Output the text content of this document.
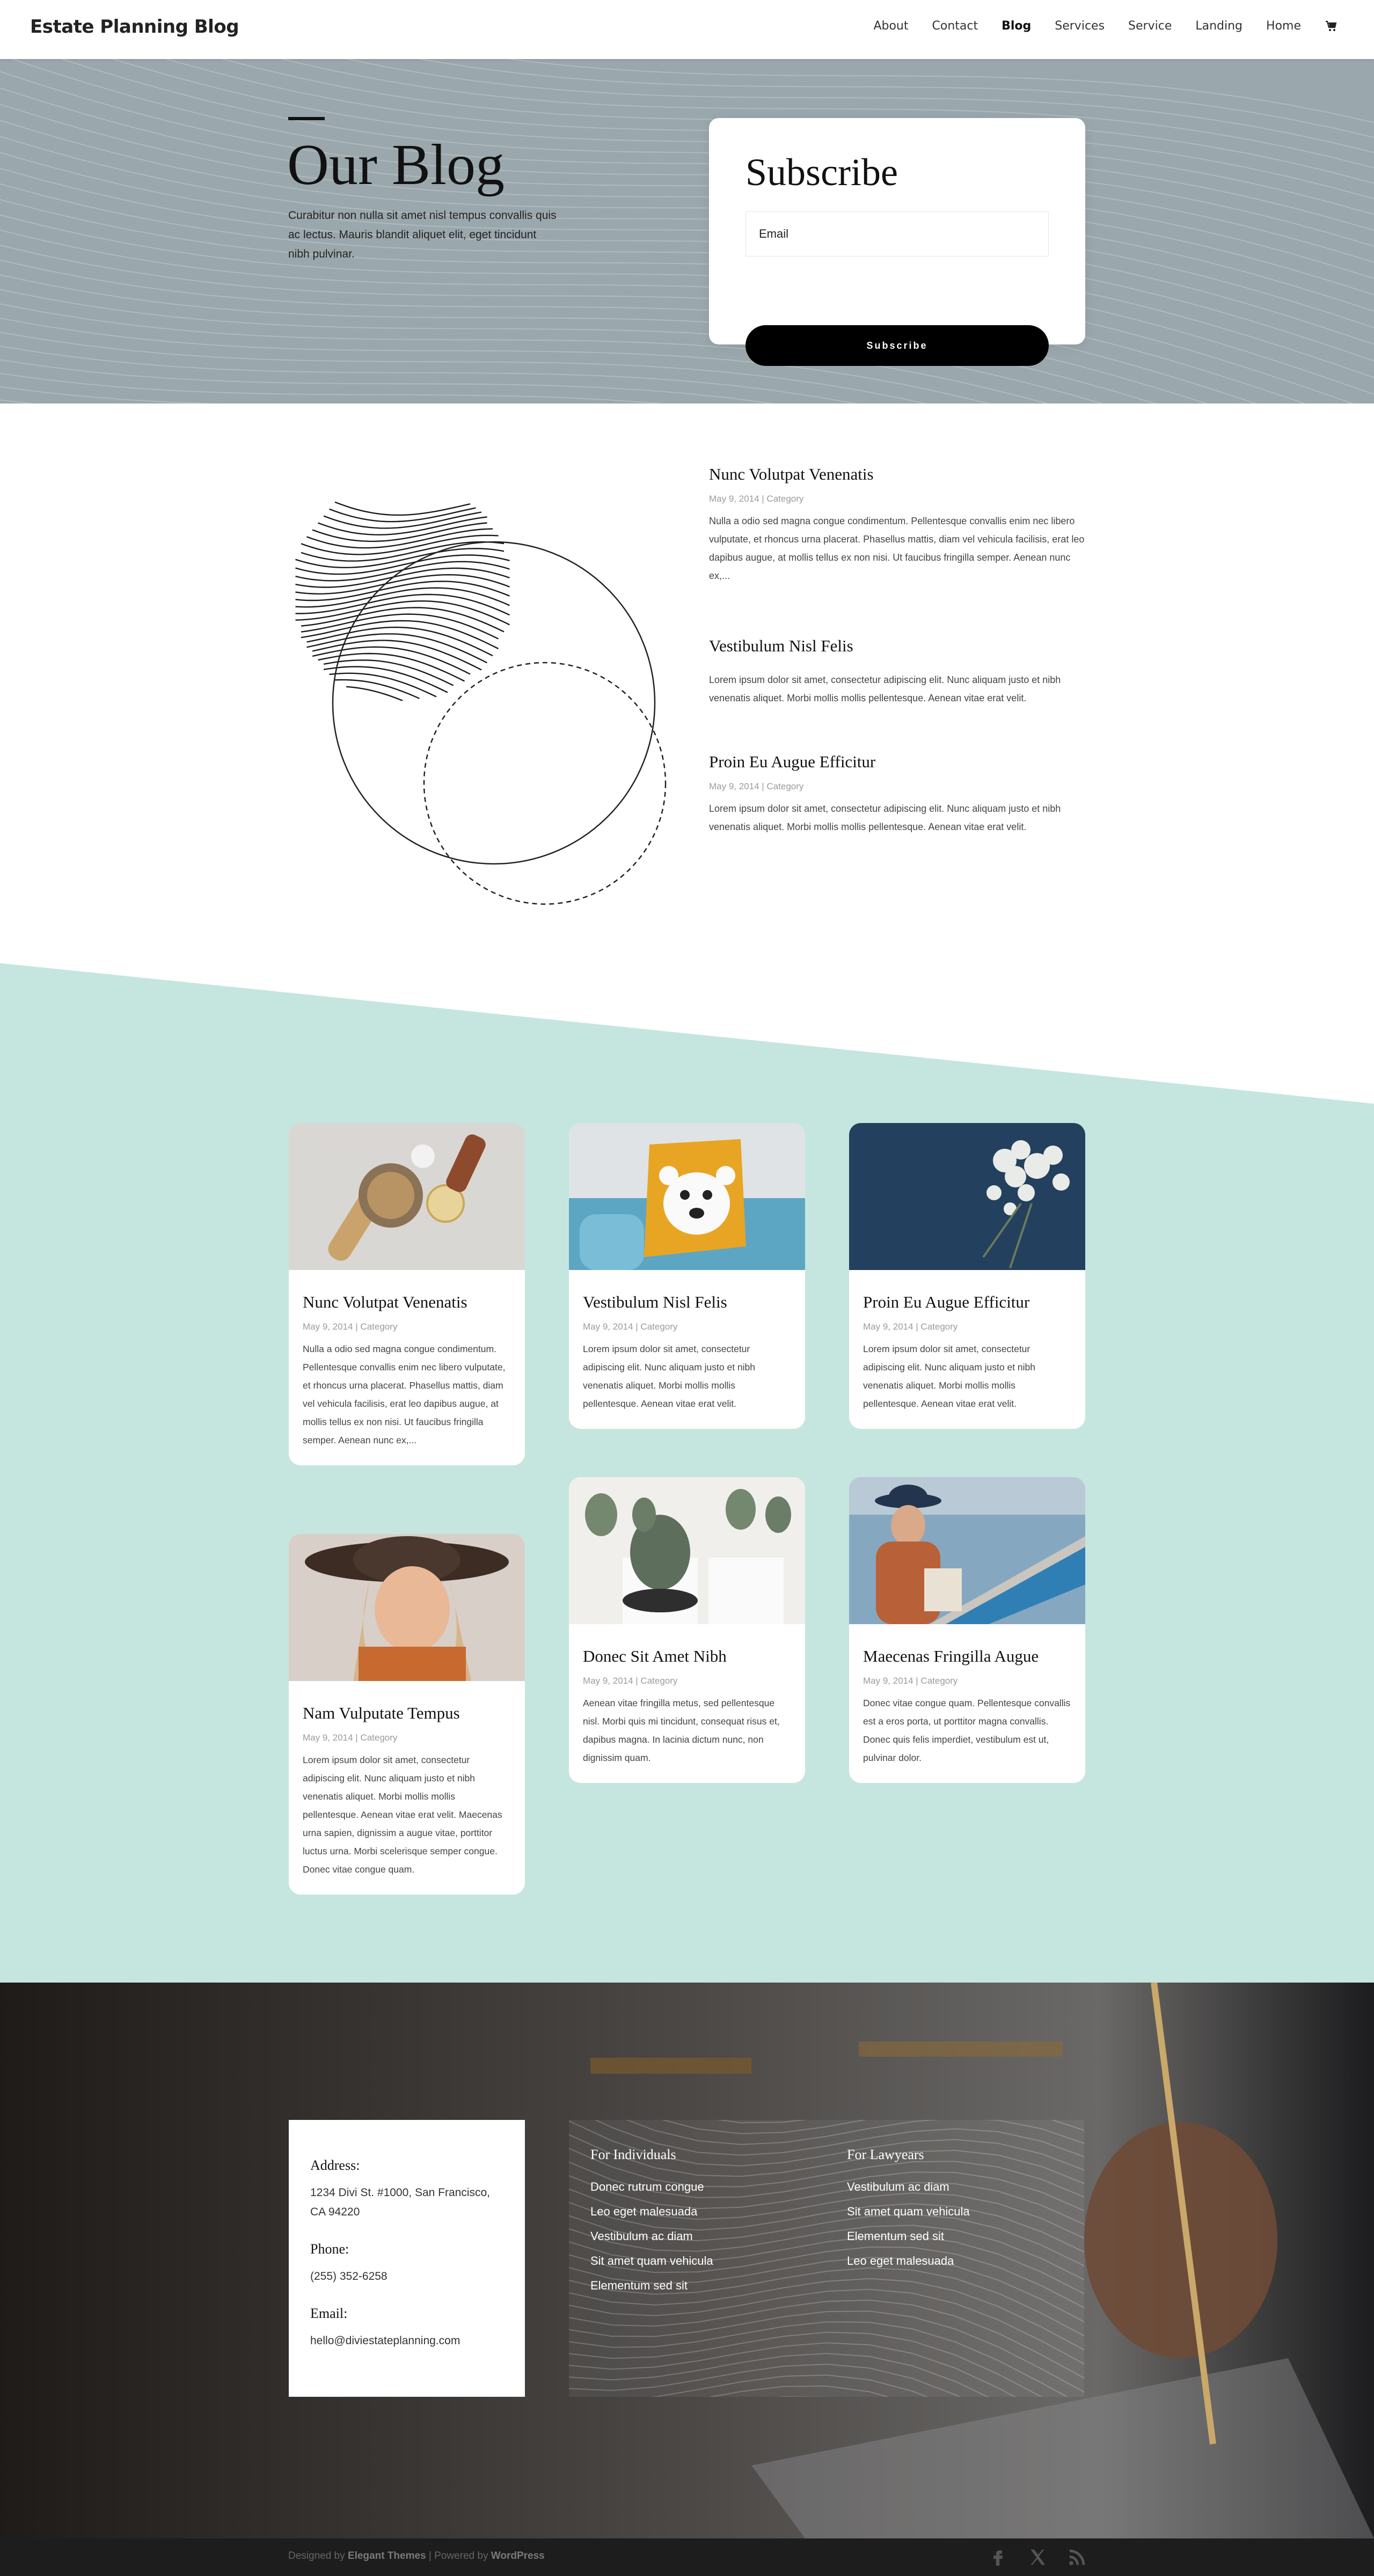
Estate Planning Blog	About Contact Blog Services Service Landing Home
Our Blog

Curabitur non nulla sit amet nisl tempus convallis quis ac lectus. Mauris blandit aliquet elit, eget tincidunt nibh pulvinar.

Subscribe
Email
Subscribe
Nunc Volutpat Venenatis
May 9, 2014 | Category

Nulla a odio sed magna congue condimentum. Pellentesque convallis enim nec libero vulputate, et rhoncus urna placerat. Phasellus mattis, diam vel vehicula facilisis, erat leo dapibus augue, at mollis tellus ex non nisi. Ut faucibus fringilla semper. Aenean nunc ex,...

Vestibulum Nisl Felis

Lorem ipsum dolor sit amet, consectetur adipiscing elit. Nunc aliquam justo et nibh venenatis aliquet. Morbi mollis mollis pellentesque. Aenean vitae erat velit.

Proin Eu Augue Efficitur
May 9, 2014 | Category

Lorem ipsum dolor sit amet, consectetur adipiscing elit. Nunc aliquam justo et nibh venenatis aliquet. Morbi mollis mollis pellentesque. Aenean vitae erat velit.

Nunc Volutpat Venenatis
May 9, 2014 | Category

Nulla a odio sed magna congue condimentum. Pellentesque convallis enim nec libero vulputate, et rhoncus urna placerat. Phasellus mattis, diam vel vehicula facilisis, erat leo dapibus augue, at mollis tellus ex non nisi. Ut faucibus fringilla semper. Aenean nunc ex,...

Vestibulum Nisl Felis
May 9, 2014 | Category

Lorem ipsum dolor sit amet, consectetur adipiscing elit. Nunc aliquam justo et nibh venenatis aliquet. Morbi mollis mollis pellentesque. Aenean vitae erat velit.

Proin Eu Augue Efficitur
May 9, 2014 | Category

Lorem ipsum dolor sit amet, consectetur adipiscing elit. Nunc aliquam justo et nibh venenatis aliquet. Morbi mollis mollis pellentesque. Aenean vitae erat velit.

Nam Vulputate Tempus
May 9, 2014 | Category

Lorem ipsum dolor sit amet, consectetur adipiscing elit. Nunc aliquam justo et nibh venenatis aliquet. Morbi mollis mollis pellentesque. Aenean vitae erat velit. Maecenas urna sapien, dignissim a augue vitae, porttitor luctus urna. Morbi scelerisque semper congue. Donec vitae congue quam.

Donec Sit Amet Nibh
May 9, 2014 | Category

Aenean vitae fringilla metus, sed pellentesque nisl. Morbi quis mi tincidunt, consequat risus et, dapibus magna. In lacinia dictum nunc, non dignissim quam.

Maecenas Fringilla Augue
May 9, 2014 | Category

Donec vitae congue quam. Pellentesque convallis est a eros porta, ut porttitor magna convallis. Donec quis felis imperdiet, vestibulum est ut, pulvinar dolor.

Address:

1234 Divi St. #1000, San Francisco, CA 94220

Phone:

(255) 352-6258

Email:

hello@diviestateplanning.com

For Individuals
Donec rutrum congue
Leo eget malesuada
Vestibulum ac diam
Sit amet quam vehicula
Elementum sed sit
For Lawyears
Vestibulum ac diam
Sit amet quam vehicula
Elementum sed sit
Leo eget malesuada
Designed by Elegant Themes | Powered by WordPress
